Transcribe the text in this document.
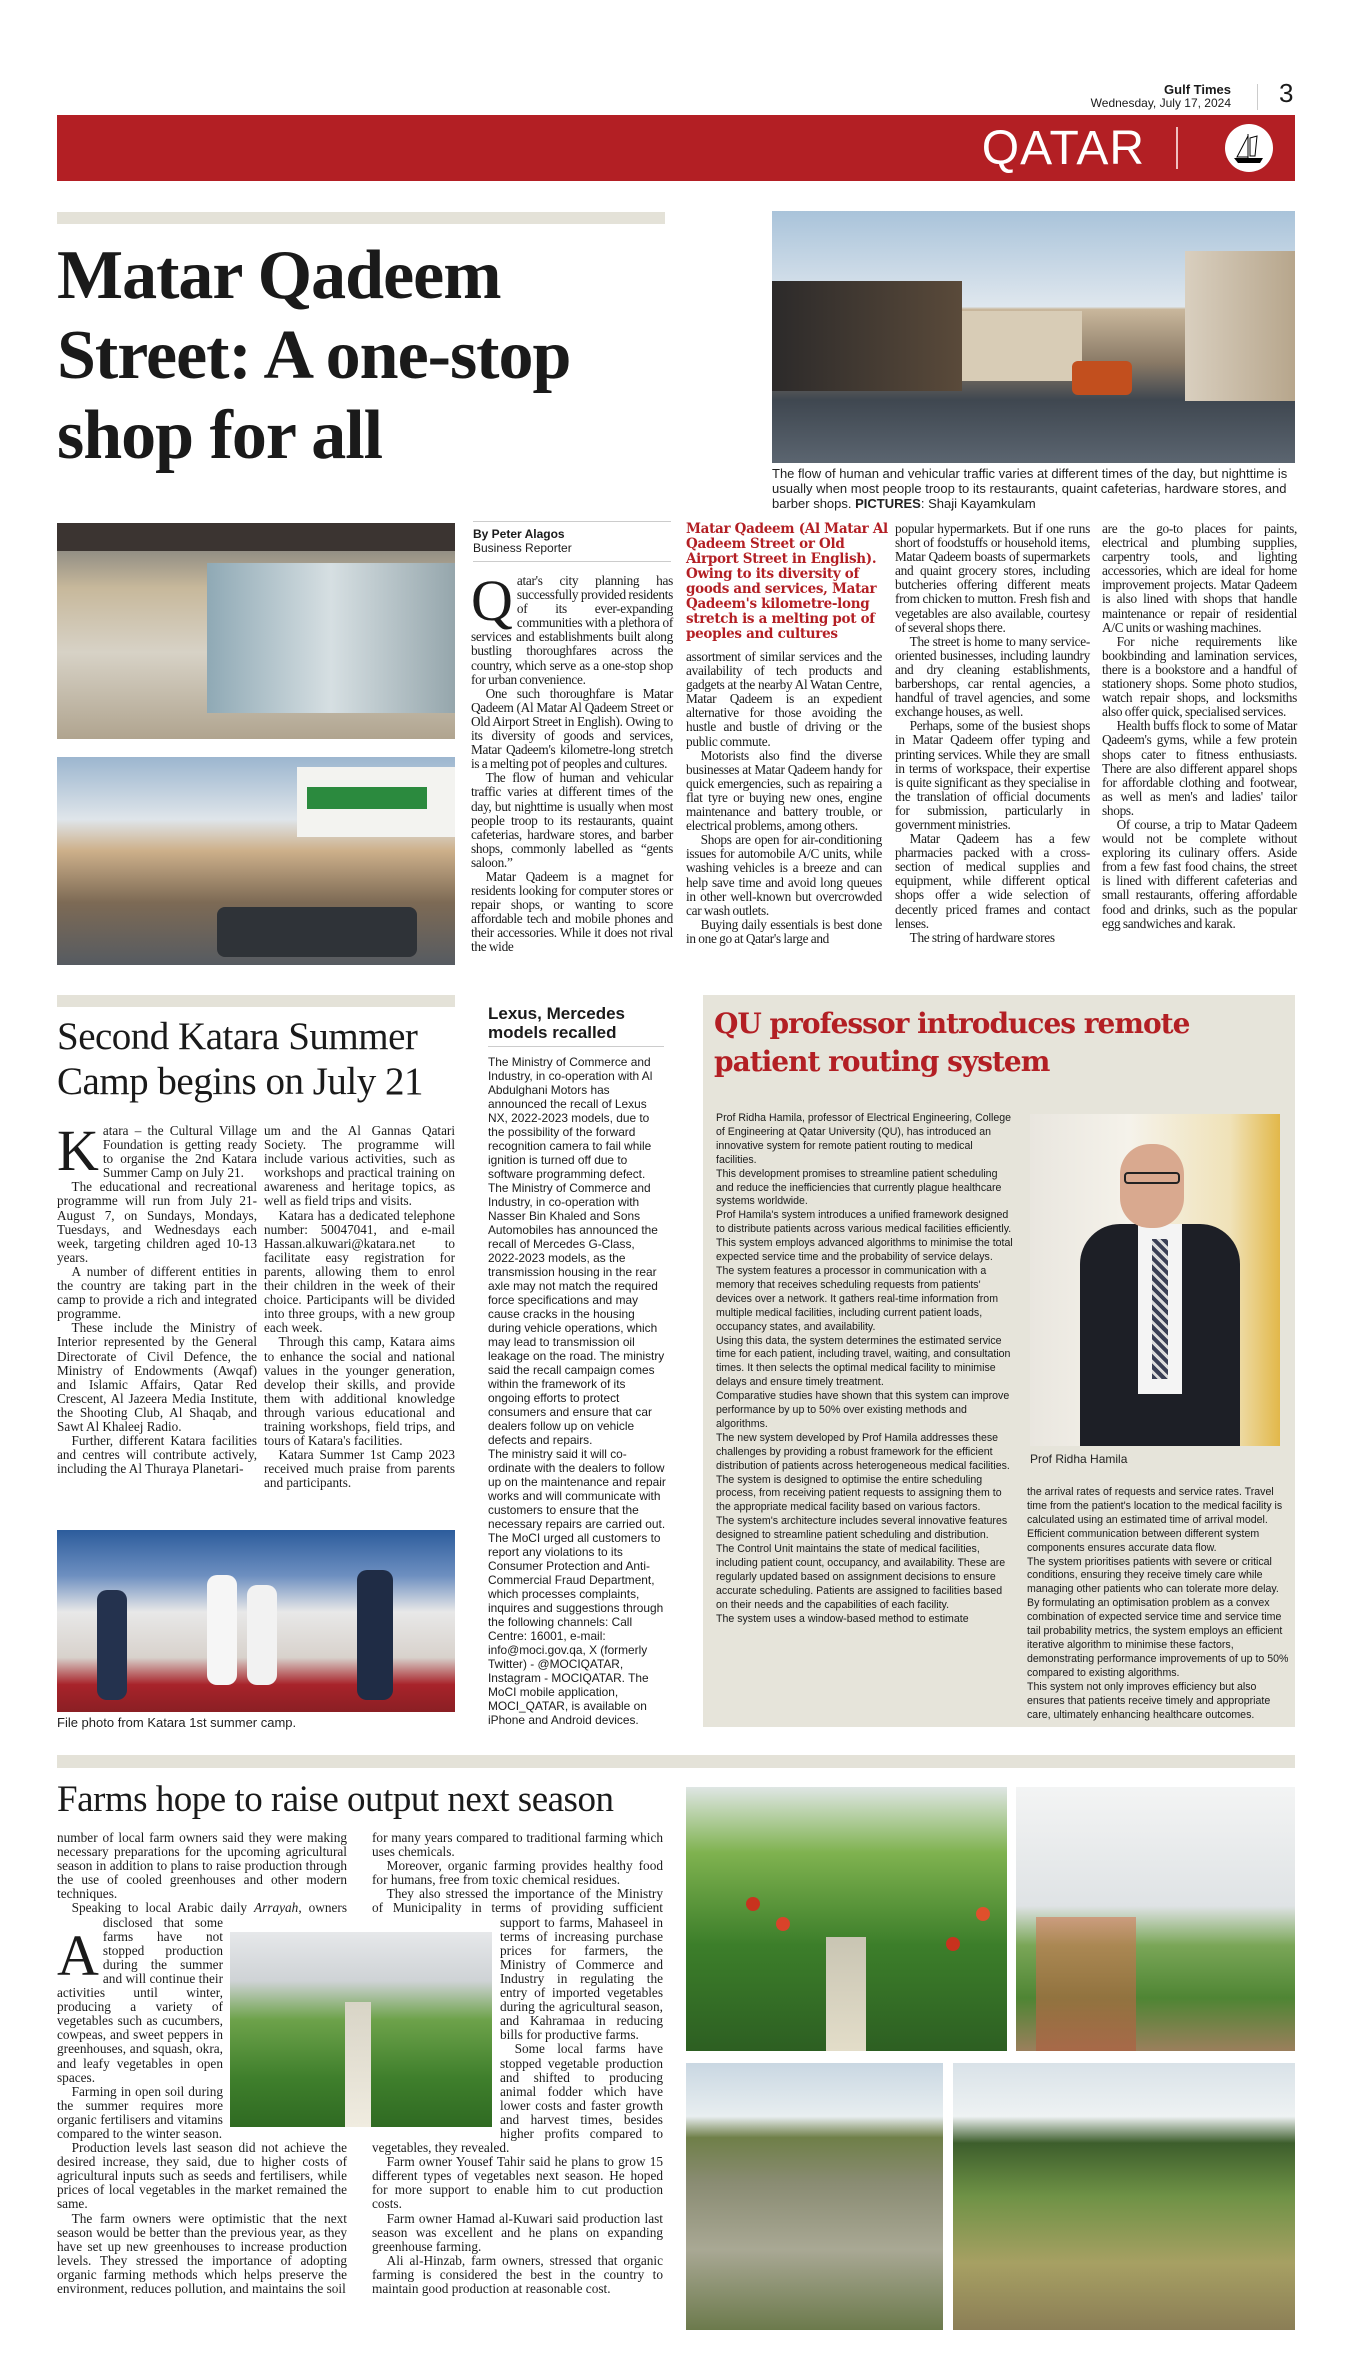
Gulf Times
Wednesday, July 17, 2024 3
QATAR
Matar Qadeem
Street: A one-stop
shop for all	The flow of human and vehicular traffic varies at different times of the day, but nighttime is usually when most people troop to its restaurants, quaint cafeterias, hardware stores, and barber shops. PICTURES: Shaji Kayamkulam
By Peter Alagos
Business Reporter

Qatar's city planning has successfully provided residents of its ever-expanding communities with a plethora of services and establishments built along bustling thoroughfares across the country, which serve as a one-stop shop for urban convenience.

One such thoroughfare is Matar Qadeem (Al Matar Al Qadeem Street or Old Airport Street in English). Owing to its diversity of goods and services, Matar Qadeem's kilometre-long stretch is a melting pot of peoples and cultures.

The flow of human and vehicular traffic varies at different times of the day, but nighttime is usually when most people troop to its restaurants, quaint cafeterias, hardware stores, and barber shops, commonly labelled as “gents saloon.”

Matar Qadeem is a magnet for residents looking for computer stores or repair shops, or wanting to score affordable tech and mobile phones and their accessories. While it does not rival the wide

Matar Qadeem (Al Matar Al Qadeem Street or Old Airport Street in English). Owing to its diversity of goods and services, Matar Qadeem's kilometre-long stretch is a melting pot of peoples and cultures

assortment of similar services and the availability of tech products and gadgets at the nearby Al Watan Centre, Matar Qadeem is an expedient alternative for those avoiding the hustle and bustle of driving or the public commute.

Motorists also find the diverse businesses at Matar Qadeem handy for quick emergencies, such as repairing a flat tyre or buying new ones, engine maintenance and battery trouble, or electrical problems, among others.

Shops are open for air-conditioning issues for automobile A/C units, while washing vehicles is a breeze and can help save time and avoid long queues in other well-known but overcrowded car wash outlets.

Buying daily essentials is best done in one go at Qatar's large and

popular hypermarkets. But if one runs short of foodstuffs or household items, Matar Qadeem boasts of supermarkets and quaint grocery stores, including butcheries offering different meats from chicken to mutton. Fresh fish and vegetables are also available, courtesy of several shops there.

The street is home to many service-oriented businesses, including laundry and dry cleaning establishments, barbershops, car rental agencies, a handful of travel agencies, and some exchange houses, as well.

Perhaps, some of the busiest shops in Matar Qadeem offer typing and printing services. While they are small in terms of workspace, their expertise is quite significant as they specialise in the translation of official documents for submission, particularly in government ministries.

Matar Qadeem has a few pharmacies packed with a cross-section of medical supplies and equipment, while different optical shops offer a wide selection of decently priced frames and contact lenses.

The string of hardware stores

are the go-to places for paints, electrical and plumbing supplies, carpentry tools, and lighting accessories, which are ideal for home improvement projects. Matar Qadeem is also lined with shops that handle maintenance or repair of residential A/C units or washing machines.

For niche requirements like bookbinding and lamination services, there is a bookstore and a handful of stationery shops. Some photo studios, watch repair shops, and locksmiths also offer quick, specialised services.

Health buffs flock to some of Matar Qadeem's gyms, while a few protein shops cater to fitness enthusiasts. There are also different apparel shops for affordable clothing and footwear, as well as men's and ladies' tailor shops.

Of course, a trip to Matar Qadeem would not be complete without exploring its culinary offers. Aside from a few fast food chains, the street is lined with different cafeterias and small restaurants, offering affordable food and drinks, such as the popular egg sandwiches and karak.

Second Katara Summer
Camp begins on July 21

Katara – the Cultural Village Foundation is getting ready to organise the 2nd Katara Summer Camp on July 21.

The educational and recreational programme will run from July 21-August 7, on Sundays, Mondays, Tuesdays, and Wednesdays each week, targeting children aged 10-13 years.

A number of different entities in the country are taking part in the camp to provide a rich and integrated programme.

These include the Ministry of Interior represented by the General Directorate of Civil Defence, the Ministry of Endowments (Awqaf) and Islamic Affairs, Qatar Red Crescent, Al Jazeera Media Institute, the Shooting Club, Al Shaqab, and Sawt Al Khaleej Radio.

Further, different Katara facilities and centres will contribute actively, including the Al Thuraya Planetari-

um and the Al Gannas Qatari Society. The programme will include various activities, such as workshops and practical training on awareness and heritage topics, as well as field trips and visits.

Katara has a dedicated telephone number: 50047041, and e-mail Hassan.alkuwari@katara.net to facilitate easy registration for parents, allowing them to enrol their children in the week of their choice. Participants will be divided into three groups, with a new group each week.

Through this camp, Katara aims to enhance the social and national values in the younger generation, develop their skills, and provide them with additional knowledge through various educational and training workshops, field trips, and tours of Katara's facilities.

Katara Summer 1st Camp 2023 received much praise from parents and participants.

File photo from Katara 1st summer camp.
Lexus, Mercedes
models recalled

The Ministry of Commerce and Industry, in co-operation with Al Abdulghani Motors has announced the recall of Lexus NX, 2022-2023 models, due to the possibility of the forward recognition camera to fail while ignition is turned off due to software programming defect.

The Ministry of Commerce and Industry, in co-operation with Nasser Bin Khaled and Sons Automobiles has announced the recall of Mercedes G-Class, 2022-2023 models, as the transmission housing in the rear axle may not match the required force specifications and may cause cracks in the housing during vehicle operations, which may lead to transmission oil leakage on the road. The ministry said the recall campaign comes within the framework of its ongoing efforts to protect consumers and ensure that car dealers follow up on vehicle defects and repairs.

The ministry said it will co-ordinate with the dealers to follow up on the maintenance and repair works and will communicate with customers to ensure that the necessary repairs are carried out.

The MoCI urged all customers to report any violations to its Consumer Protection and Anti-Commercial Fraud Department, which processes complaints, inquires and suggestions through the following channels: Call Centre: 16001, e-mail: info@moci.gov.qa, X (formerly Twitter) - @MOCIQATAR, Instagram - MOCIQATAR. The MoCI mobile application, MOCI_QATAR, is available on iPhone and Android devices.

QU professor introduces remote
patient routing system

Prof Ridha Hamila, professor of Electrical Engineering, College of Engineering at Qatar University (QU), has introduced an innovative system for remote patient routing to medical facilities.

This development promises to streamline patient scheduling and reduce the inefficiencies that currently plague healthcare systems worldwide.

Prof Hamila's system introduces a unified framework designed to distribute patients across various medical facilities efficiently. This system employs advanced algorithms to minimise the total expected service time and the probability of service delays.

The system features a processor in communication with a memory that receives scheduling requests from patients' devices over a network. It gathers real-time information from multiple medical facilities, including current patient loads, occupancy states, and availability.

Using this data, the system determines the estimated service time for each patient, including travel, waiting, and consultation times. It then selects the optimal medical facility to minimise delays and ensure timely treatment.

Comparative studies have shown that this system can improve performance by up to 50% over existing methods and algorithms.

The new system developed by Prof Hamila addresses these challenges by providing a robust framework for the efficient distribution of patients across heterogeneous medical facilities. The system is designed to optimise the entire scheduling process, from receiving patient requests to assigning them to the appropriate medical facility based on various factors.

The system's architecture includes several innovative features designed to streamline patient scheduling and distribution.

The Control Unit maintains the state of medical facilities, including patient count, occupancy, and availability. These are regularly updated based on assignment decisions to ensure accurate scheduling. Patients are assigned to facilities based on their needs and the capabilities of each facility.

The system uses a window-based method to estimate

Prof Ridha Hamila

the arrival rates of requests and service rates. Travel time from the patient's location to the medical facility is calculated using an estimated time of arrival model. Efficient communication between different system components ensures accurate data flow.

The system prioritises patients with severe or critical conditions, ensuring they receive timely care while managing other patients who can tolerate more delay. By formulating an optimisation problem as a convex combination of expected service time and service time tail probability metrics, the system employs an efficient iterative algorithm to minimise these factors, demonstrating performance improvements of up to 50% compared to existing algorithms.

This system not only improves efficiency but also ensures that patients receive timely and appropriate care, ultimately enhancing healthcare outcomes.

Farms hope to raise output next season

A
number of local farm owners said they were making necessary preparations for the upcoming agricultural season in addition to plans to raise production through the use of cooled greenhouses and other modern techniques.

Speaking to local Arabic daily Arrayah, owners disclosed that some farms have not stopped production during the summer and will continue their activities until winter, producing a variety of vegetables such as cucumbers, cowpeas, and sweet peppers in greenhouses, and squash, okra, and leafy vegetables in open spaces.

Farming in open soil during the summer requires more organic fertilisers and vitamins compared to the winter season.

Production levels last season did not achieve the desired increase, they said, due to higher costs of agricultural inputs such as seeds and fertilisers, while prices of local vegetables in the market remained the same.

The farm owners were optimistic that the next season would be better than the previous year, as they have set up new greenhouses to increase production levels. They stressed the importance of adopting organic farming methods which helps preserve the environment, reduces pollution, and maintains the soil

for many years compared to traditional farming which uses chemicals.

Moreover, organic farming provides healthy food for humans, free from toxic chemical residues.

They also stressed the importance of the Ministry of Municipality in terms of providing sufficient support to farms, Mahaseel in terms of increasing purchase prices for farmers, the Ministry of Commerce and Industry in regulating the entry of imported vegetables during the agricultural season, and Kahramaa in reducing bills for productive farms.

Some local farms have stopped vegetable production and shifted to producing animal fodder which have lower costs and faster growth and harvest times, besides higher profits compared to vegetables, they revealed.

Farm owner Yousef Tahir said he plans to grow 15 different types of vegetables next season. He hoped for more support to enable him to cut production costs.

Farm owner Hamad al-Kuwari said production last season was excellent and he plans on expanding greenhouse farming.

Ali al-Hinzab, farm owners, stressed that organic farming is considered the best in the country to maintain good production at reasonable cost.
